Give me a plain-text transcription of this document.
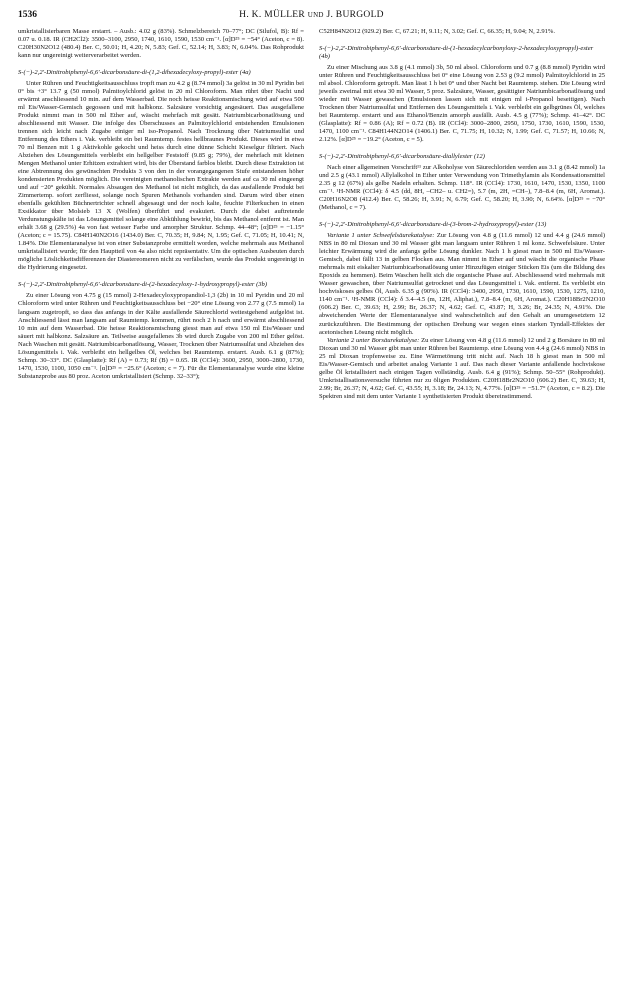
1536	H. K. MÜLLER und J. BURGOLD

umkristallisierbaren Masse erstarrt. – Ausb.: 4.02 g (83%). Schmelzbereich 70–77°; DC (Silufol, B): Rf = 0.07 u. 0.18. IR (CH2Cl2): 3500–3100, 2950, 1740, 1610, 1590, 1530 cm⁻¹. [α]D²⁵ = −54° (Aceton, c = 8). C20H30N2O12 (480.4) Ber. C, 50.01; H, 4.20; N, 5.83; Gef. C, 52.14; H, 3.83; N, 6.04%. Das Rohprodukt kann nur ungereinigt weiterverarbeitet werden.

S-(−)-2,2′-Dinitrobiphenyl-6,6′-dicarbonsäure-di-(1,2-dihexadecyloxy-propyl)-ester (4a)

Unter Rühren und Feuchtigkeitsausschluss tropft man zu 4.2 g (8.74 mmol) 3a gelöst in 30 ml Pyridin bei 0° bis +3° 13.7 g (50 mmol) Palmitoylchlorid gelöst in 20 ml Chloroform. Man rührt über Nacht und erwärmt anschliessend 10 min. auf dem Wasserbad. Die noch heisse Reaktionsmischung wird auf etwa 500 ml Eis/Wasser-Gemisch gegossen und mit halbkonz. Salzsäure vorsichtig angesäuert. Das ausgefallene Produkt nimmt man in 500 ml Ether auf, wäscht mehrfach mit gesätt. Natriumbicarbonatlösung und abschliessend mit Wasser. Die infolge des Überschusses an Palmitoylchlorid entstehenden Emulsionen trennen sich leicht nach Zugabe einiger ml iso-Propanol. Nach Trocknung über Natriumsulfat und Entfernung des Ethers i. Vak. verbleibt ein bei Raumtemp. festes hellbraunes Produkt. Dieses wird in etwa 70 ml Benzen mit 1 g Aktivkohle gekocht und heiss durch eine dünne Schicht Kieselgur filtriert. Nach Abziehen des Lösungsmittels verbleibt ein hellgelber Feststoff (9.85 g; 79%), der mehrfach mit kleinen Mengen Methanol unter Erhitzen extrahiert wird, bis der Überstand farblos bleibt. Durch diese Extraktion ist eine Abtrennung des gewünschten Produkts 3 von den in der vorangegangenen Stufe entstandenen höher kondensierten Produkten möglich. Die vereinigten methanolischen Extrakte werden auf ca 30 ml eingeengt und auf −20° gekühlt. Normales Absaugen des Methanol ist nicht möglich, da das ausfallende Produkt bei Zimmertemp. sofort zerfliesst, solange noch Spuren Methanols vorhanden sind. Darum wird über einen ebenfalls gekühlten Büchnertrichter schnell abgesaugt und der noch kalte, feuchte Filterkuchen in einen Exsikkator über Molsieb 13 X (Wolfen) überführt und evakuiert. Durch die dabei auftretende Verdunstungskälte ist das Lösungsmittel solange eine Abkühlung bewirkt, bis das Methanol entfernt ist. Man erhält 3.68 g (29.5%) 4a von fast weisser Farbe und amorpher Struktur. Schmp. 44–48°; [α]D²⁵ = −1.15° (Aceton; c = 15.75). C84H140N2O16 (1434.0) Ber. C, 70.35; H, 9.84; N, 1.95; Gef. C, 71.05; H, 10.41; N, 1.84%. Die Elementaranalyse ist von einer Substanzprobe ermittelt worden, welche mehrmals aus Methanol umkristallisiert wurde; für den Hauptteil von 4a also nicht repräsentativ. Um die optischen Ausbeuten durch mögliche Löslichkeitsdifferenzen der Diastereomeren nicht zu verfälschen, wurde das Produkt ungereinigt in die Hydrierung eingesetzt.

S-(−)-2,2′-Dinitrobiphenyl-6,6′-dicarbonsäure-di-(2-hexadecyloxy-1-hydroxypropyl)-ester (3b)

Zu einer Lösung von 4.75 g (15 mmol) 2-Hexadecyloxypropandiol-1,3 (2b) in 10 ml Pyridin und 20 ml Chloroform wird unter Rühren und Feuchtigkeitsausschluss bei −20° eine Lösung von 2.77 g (7.5 mmol) 1a langsam zugetropft, so dass das anfangs in der Kälte ausfallende Säurechlorid weitestgehend aufgelöst ist. Anschliessend lässt man langsam auf Raumtemp. kommen, rührt noch 2 h nach und erwärmt abschliessend 10 min auf dem Wasserbad. Die heisse Reaktionsmischung giesst man auf etwa 150 ml Eis/Wasser und säuert mit halbkonz. Salzsäure an. Teilweise ausgefallenes 3b wird durch Zugabe von 200 ml Ether gelöst. Nach Waschen mit gesätt. Natriumbicarbonatlösung, Wasser, Trocknen über Natriumsulfat und Abziehen des Lösungsmittels i. Vak. verbleibt ein hellgelbes Öl, welches bei Raumtemp. erstarrt. Ausb. 6.1 g (87%); Schmp. 30–33°. DC (Glasplatte): Rf (A) = 0.73; Rf (B) = 0.65. IR (CCl4): 3600, 2950, 3000–2800, 1730, 1470, 1530, 1100, 1050 cm⁻¹. [α]D²⁵ = −25.6° (Aceton; c = 7). Für die Elementaranalyse wurde eine kleine Substanzprobe aus 80 proz. Aceton umkristallisiert (Schmp. 32–33°);

C52H84N2O12 (929.2) Ber. C, 67.21; H, 9.11; N, 3.02; Gef. C, 66.35; H, 9.04; N, 2.91%.

S-(−)-2,2′-Dinitrobiphenyl-6,6′-dicarbonsäure-di-(1-hexadecylcarbonyloxy-2-hexadecyloxypropyl)-ester (4b)

Zu einer Mischung aus 3.8 g (4.1 mmol) 3b, 50 ml absol. Chloroform und 0.7 g (8.8 mmol) Pyridin wird unter Rühren und Feuchtigkeitsausschluss bei 0° eine Lösung von 2.53 g (9.2 mmol) Palmitoylchlorid in 25 ml absol. Chloroform getropft. Man lässt 1 h bei 0° und über Nacht bei Raumtemp. stehen. Die Lösung wird jeweils zweimal mit etwa 30 ml Wasser, 5 proz. Salzsäure, Wasser, gesättigter Natriumbicarbonatlösung und wieder mit Wasser gewaschen (Emulsionen lassen sich mit einigen ml i-Propanol beseitigen). Nach Trocknen über Natriumsulfat und Entfernen des Lösungsmittels i. Vak. verbleibt ein gelbgrünes Öl, welches bei Raumtemp. erstarrt und aus Ethanol/Benzin amorph ausfällt. Ausb. 4.5 g (77%); Schmp. 41–42°. DC (Glasplatte): Rf = 0.86 (A); Rf = 0.72 (B). IR (CCl4): 3000–2800, 2950, 1750, 1730, 1610, 1590, 1530, 1470, 1100 cm⁻¹. C84H144N2O14 (1406.1) Ber. C, 71.75; H, 10.32; N, 1.99; Gef. C, 71.57; H, 10.66; N, 2.12%. [α]D²⁵ = −19.2° (Aceton, c = 5).

S-(−)-2,2′-Dinitrobiphenyl-6,6′-dicarbonsäure-diallylester (12)

Nach einer allgemeinen Vorschrift¹¹ zur Alkoholyse von Säurechloriden werden aus 3.1 g (8.42 mmol) 1a und 2.5 g (43.1 mmol) Allylalkohol in Ether unter Verwendung von Trimethylamin als Kondensationsmittel 2.35 g 12 (67%) als gelbe Nadeln erhalten. Schmp. 118°. IR (CCl4): 1730, 1610, 1470, 1530, 1350, 1100 cm⁻¹. ¹H-NMR (CCl4): δ 4.5 (dd, 8H, –CH2– u. CH2=), 5.7 (m, 2H, =CH–), 7.8–8.4 (m, 6H, Aromat.). C20H16N2O8 (412.4) Ber. C, 58.26; H, 3.91; N, 6.79; Gef. C, 58.20; H, 3.90; N, 6.64%. [α]D²⁵ = −70° (Methanol, c = 7).

S-(−)-2,2′-Dinitrobiphenyl-6,6′-dicarbonsäure-di-(3-brom-2-hydroxypropyl)-ester (13)

Variante 1 unter Schwefelsäurekatalyse: Zur Lösung von 4.8 g (11.6 mmol) 12 und 4.4 g (24.6 mmol) NBS in 80 ml Dioxan und 30 ml Wasser gibt man langsam unter Rühren 1 ml konz. Schwefelsäure. Unter leichter Erwärmung wird die anfangs gelbe Lösung dunkler. Nach 1 h giesst man in 500 ml Eis/Wasser-Gemisch, dabei fällt 13 in gelben Flocken aus. Man nimmt in Ether auf und wäscht die organische Phase mehrmals mit eiskalter Natriumbicarbonatlösung unter Hinzufügen einiger Stücken Eis (um die Bildung des Epoxids zu hemmen). Beim Waschen hellt sich die organische Phase auf. Abschliessend wird mehrmals mit Wasser gewaschen, über Natriumsulfat getrocknet und das Lösungsmittel i. Vak. entfernt. Es verbleibt ein hochviskoses gelbes Öl, Ausb. 6.35 g (90%). IR (CCl4): 3400, 2950, 1730, 1610, 1590, 1530, 1275, 1210, 1140 cm⁻¹. ¹H-NMR (CCl4): δ 3.4–4.5 (m, 12H, Aliphat.), 7.8–8.4 (m, 6H, Aromat.). C20H18Br2N2O10 (606.2) Ber. C, 39.63; H, 2.99; Br, 26.37; N, 4.62; Gef. C, 43.87; H, 3.26; Br, 24.35; N, 4.91%. Die abweichenden Werte der Elementaranalyse sind wahrscheinlich auf den Gehalt an unumgesetztem 12 zurückzuführen. Die Bestimmung der optischen Drehung war wegen eines starken Tyndall-Effektes der acetonischen Lösung nicht möglich.

Variante 2 unter Borsäurekatalyse: Zu einer Lösung von 4.8 g (11.6 mmol) 12 und 2 g Borsäure in 80 ml Dioxan und 30 ml Wasser gibt man unter Rühren bei Raumtemp. eine Lösung von 4.4 g (24.6 mmol) NBS in 25 ml Dioxan tropfenweise zu. Eine Wärmetönung tritt nicht auf. Nach 18 h giesst man in 500 ml Eis/Wasser-Gemisch und arbeitet analog Variante 1 auf. Das nach dieser Variante anfallende hochviskose gelbe Öl kristallisiert nach einigen Tagen vollständig. Ausb. 6.4 g (91%); Schmp. 50–55° (Rohprodukt). Umkristallisationsversuche führten nur zu öligen Produkten. C20H18Br2N2O10 (606.2) Ber. C, 39.63; H, 2.99; Br, 26.37; N, 4.62; Gef. C, 43.55; H, 3.18; Br, 24.13; N, 4.77%. [α]D²⁵ = −51.7° (Aceton, c = 8.2). Die Spektren sind mit dem unter Variante 1 synthetisierten Produkt übereinstimmend.
